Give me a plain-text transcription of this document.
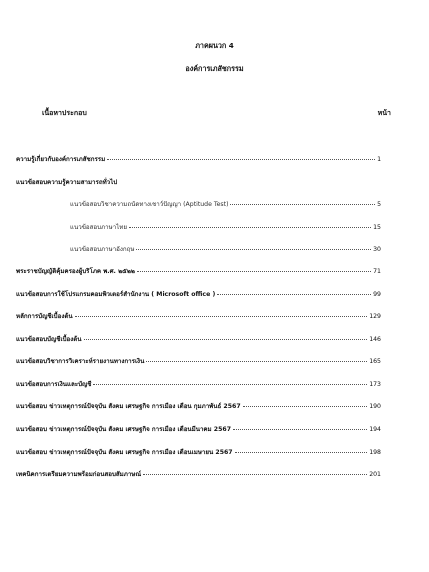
ภาคผนวก 4
องค์การเภสัชกรรม
เนื้อหาประกอบ	หน้า
ความรู้เกี่ยวกับองค์การเภสัชกรรม	1
แนวข้อสอบความรู้ความสามารถทั่วไป
แนวข้อสอบวิชาความถนัดทางเชาว์ปัญญา (Aptitude Test)	5
แนวข้อสอบภาษาไทย	15
แนวข้อสอบภาษาอังกฤษ	30
พระราชบัญญัติคุ้มครองผู้บริโภค พ.ศ. ๒๕๒๒	71
แนวข้อสอบการใช้โปรแกรมคอมพิวเตอร์สำนักงาน ( Microsoft office )	99
หลักการบัญชีเบื้องต้น	129
แนวข้อสอบบัญชีเบื้องต้น	146
แนวข้อสอบวิชาการวิเคราะห์รายงานทางการเงิน	165
แนวข้อสอบการเงินและบัญชี	173
แนวข้อสอบ ข่าวเหตุการณ์ปัจจุบัน สังคม เศรษฐกิจ การเมือง เดือน กุมภาพันธ์ 2567	190
แนวข้อสอบ ข่าวเหตุการณ์ปัจจุบัน สังคม เศรษฐกิจ การเมือง เดือนมีนาคม 2567	194
แนวข้อสอบ ข่าวเหตุการณ์ปัจจุบัน สังคม เศรษฐกิจ การเมือง เดือนเมษายน 2567	198
เทคนิคการเตรียมความพร้อมก่อนสอบสัมภาษณ์	201
